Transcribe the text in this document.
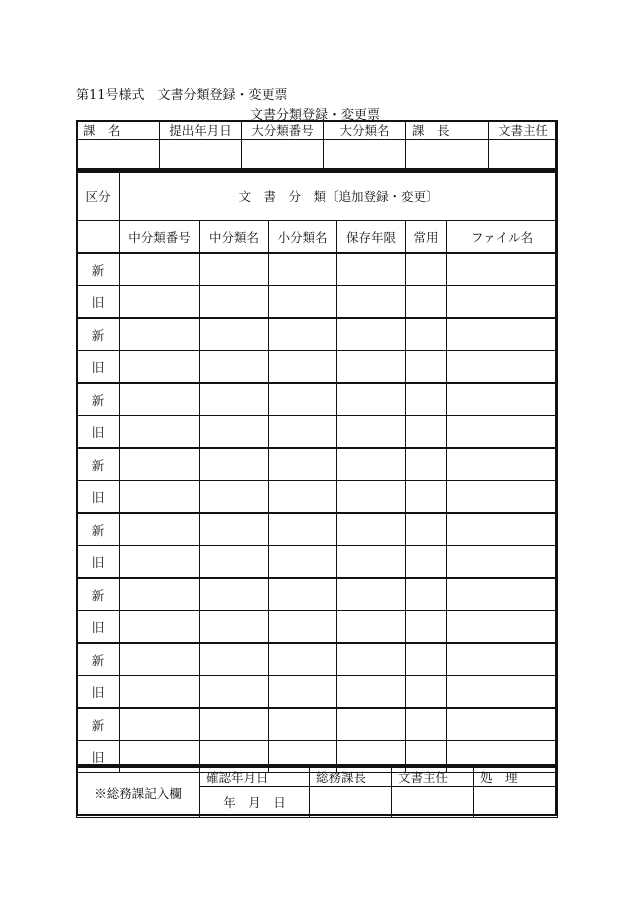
第11号様式　文書分類登録・変更票
文書分類登録・変更票
課　名	提出年月日	大分類番号	大分類名	課　長	文書主任

区分	文　書　分　類〔追加登録・変更〕					
	中分類番号	中分類名	小分類名	保存年限	常用	ファイル名
新						
旧						
新						
旧						
新						
旧						
新						
旧						
新						
旧						
新						
旧						
新						
旧						
新						
旧						
※総務課記入欄	確認年月日	総務課長	文書主任	処　理

	年　月　日			
